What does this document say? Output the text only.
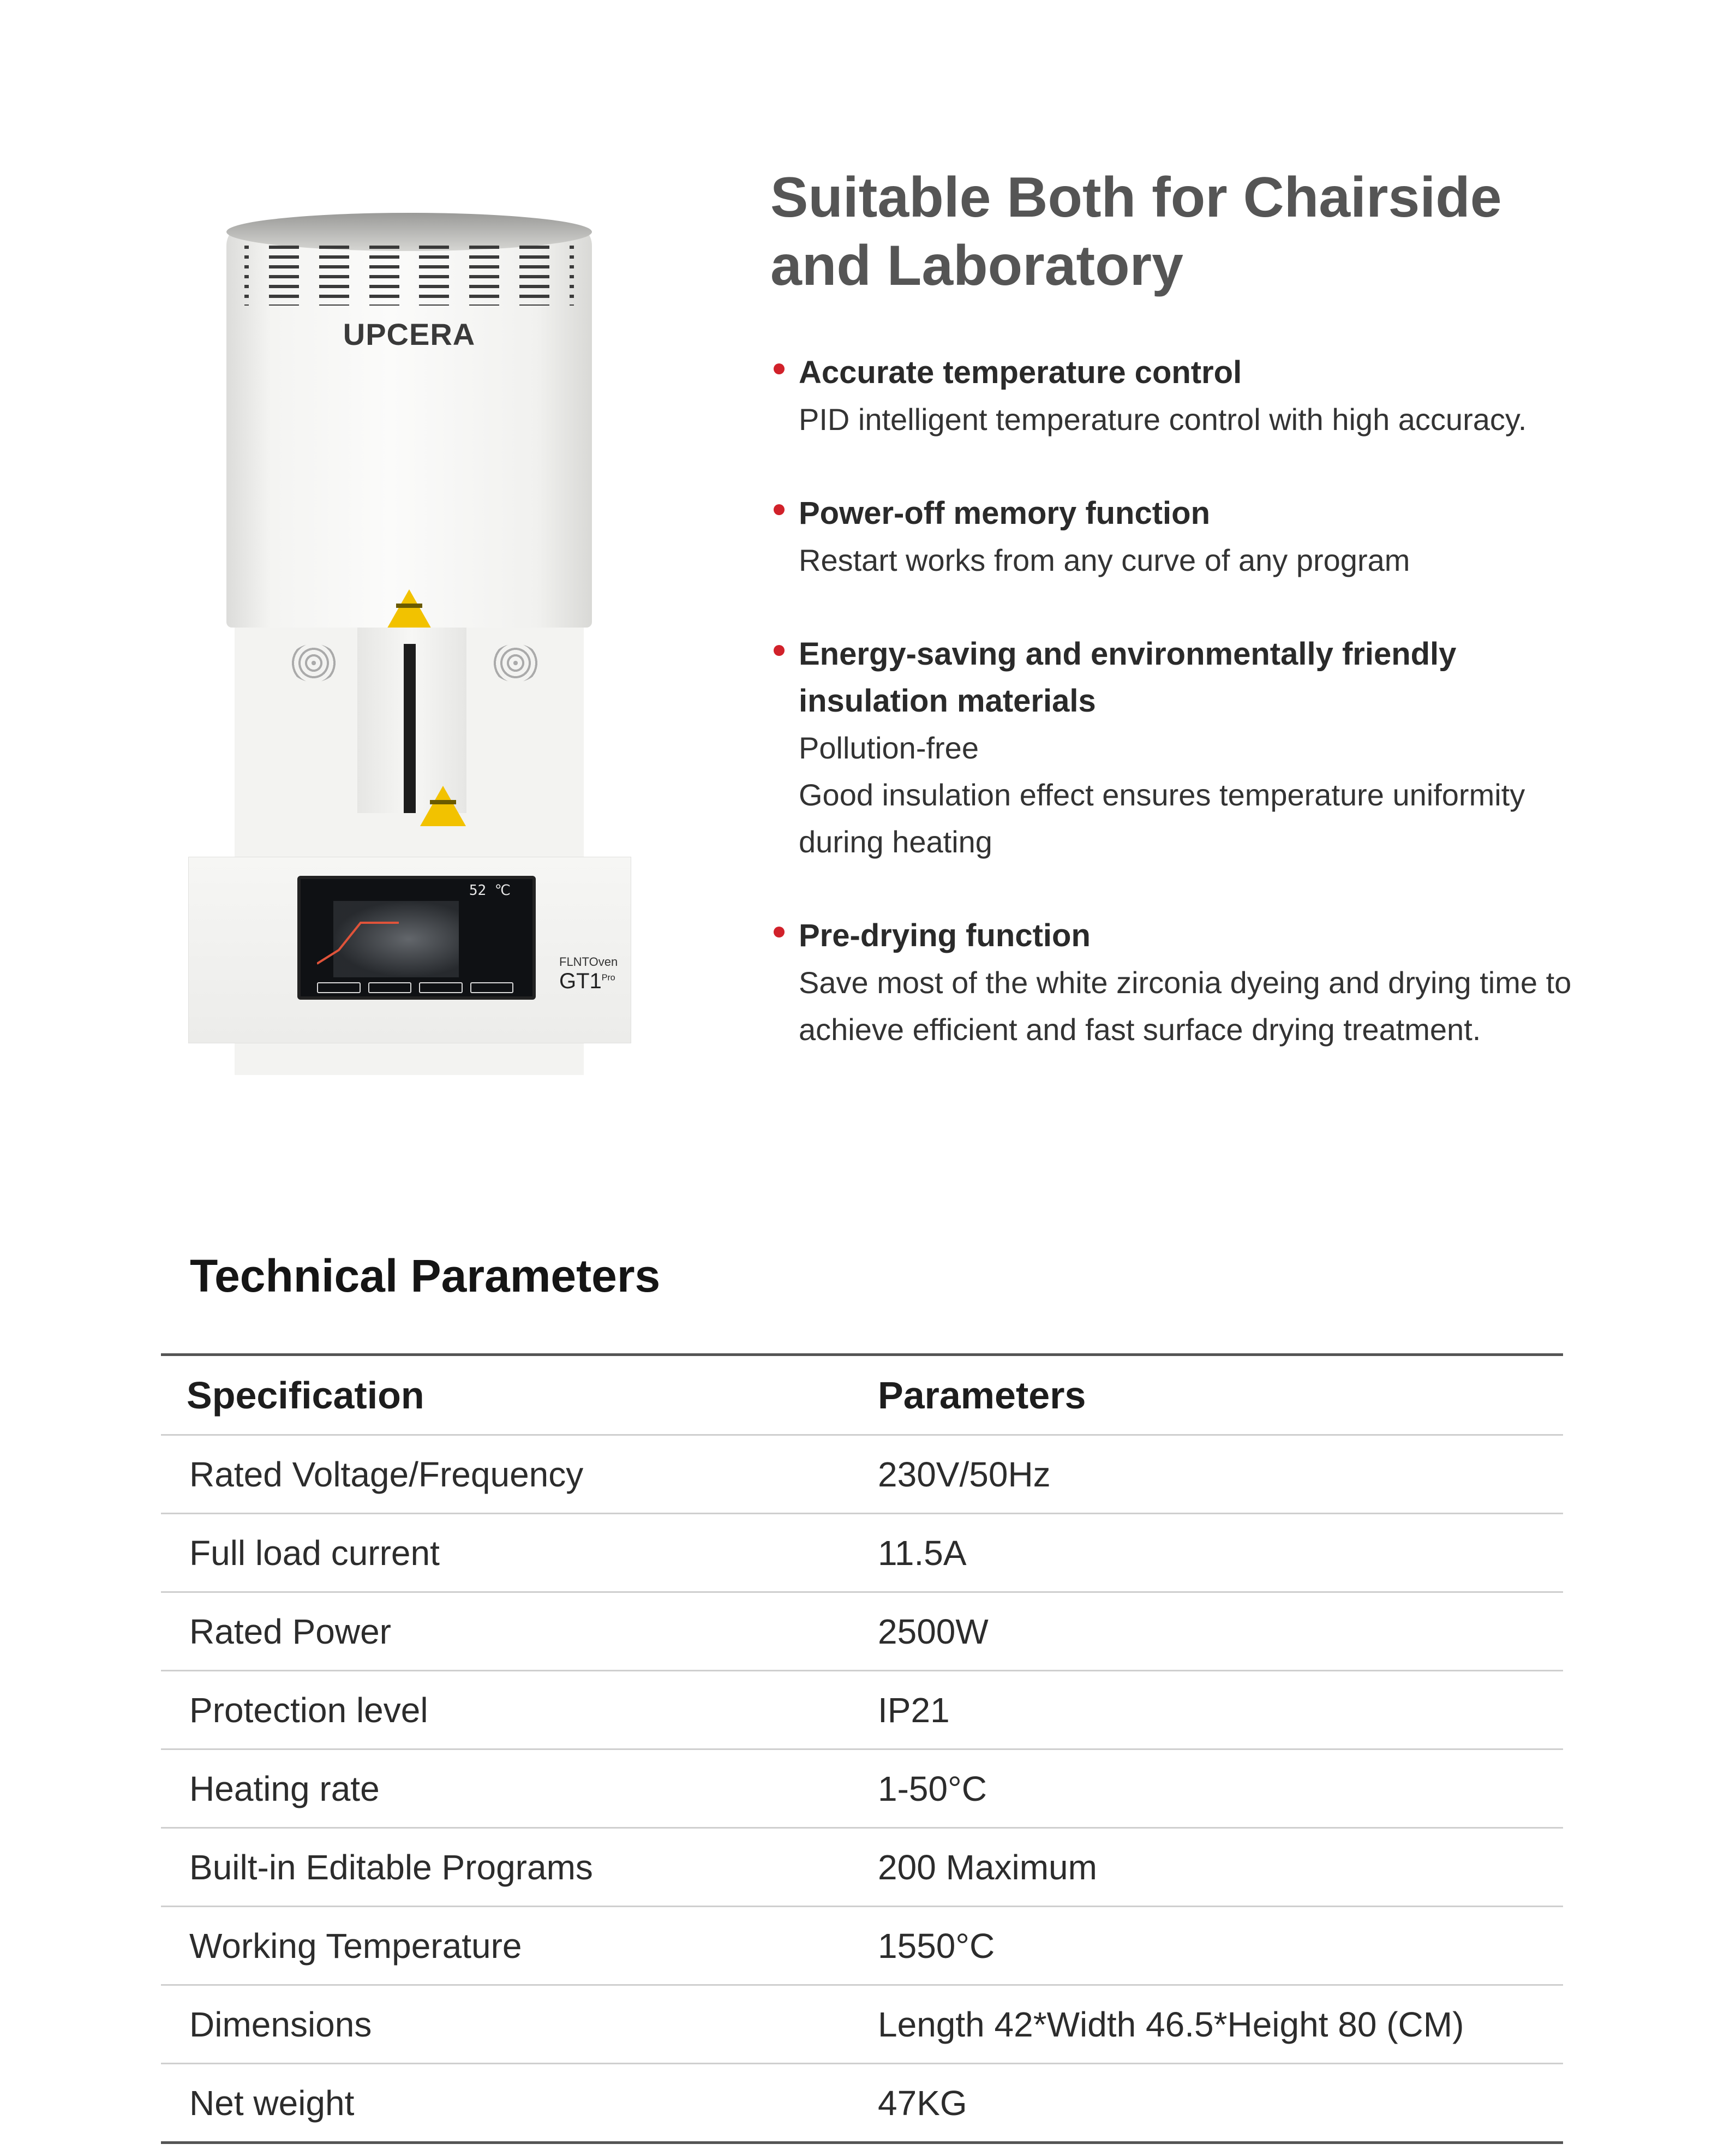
UPCERA
52 ℃
FLNTOven
$GT1^{Pro}$
Suitable Both for Chairside
and Laboratory
Accurate temperature control
PID intelligent temperature control with high accuracy.
Power-off memory function
Restart works from any curve of any program
Energy-saving and environmentally friendly insulation materials
Pollution-free
Good insulation effect ensures temperature uniformity during heating
Pre-drying function
Save most of the white zirconia dyeing and drying time to achieve efficient and fast surface drying treatment.
Technical Parameters
Specification	Parameters
Rated Voltage/Frequency	230V/50Hz
Full load current	11.5A
Rated Power	2500W
Protection level	IP21
Heating rate	1-50°C
Built-in Editable Programs	200 Maximum
Working Temperature	1550°C
Dimensions	Length 42*Width 46.5*Height 80 (CM)
Net weight	47KG
